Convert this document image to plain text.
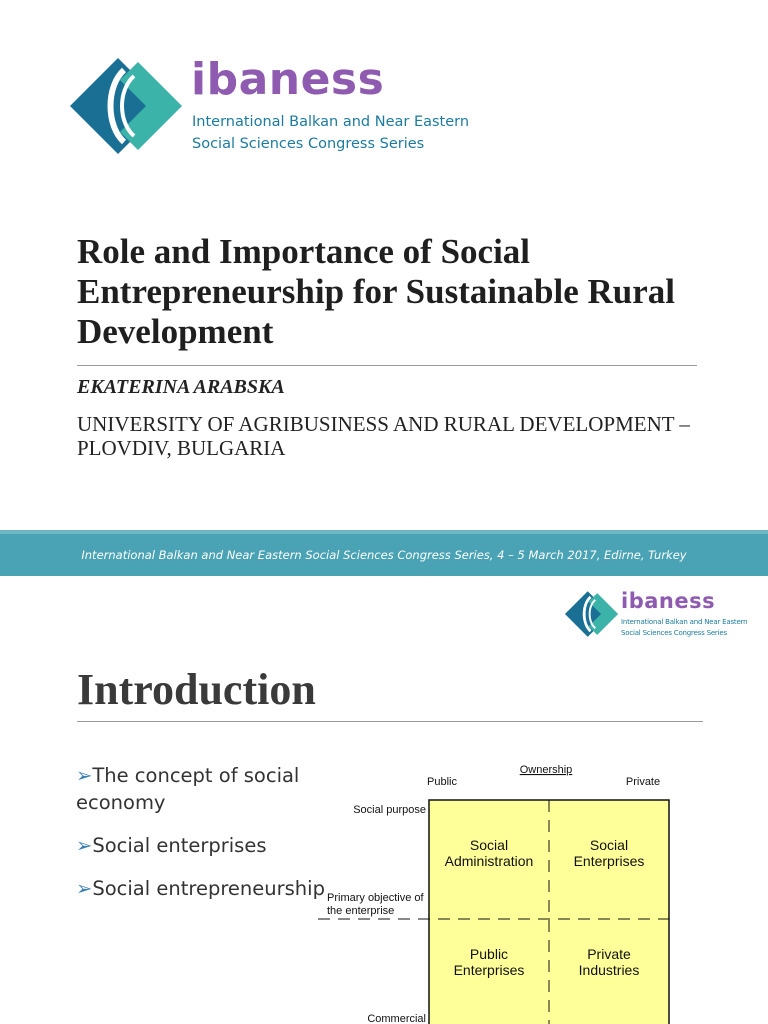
ibaness
International Balkan and Near Eastern
Social Sciences Congress Series
Role and Importance of Social Entrepreneurship for Sustainable Rural Development
EKATERINA ARABSKA
UNIVERSITY OF AGRIBUSINESS AND RURAL DEVELOPMENT – PLOVDIV, BULGARIA
International Balkan and Near Eastern Social Sciences Congress Series, 4 – 5 March 2017, Edirne, Turkey
ibaness
International Balkan and Near Eastern
Social Sciences Congress Series
Introduction
➢The concept of social economy
➢Social enterprises
➢Social entrepreneurship
Ownership
Public	Private
Social purpose
Primary objective of
the enterprise
Commercial
Social
Administration
Social
Enterprises
Public
Enterprises
Private
Industries
